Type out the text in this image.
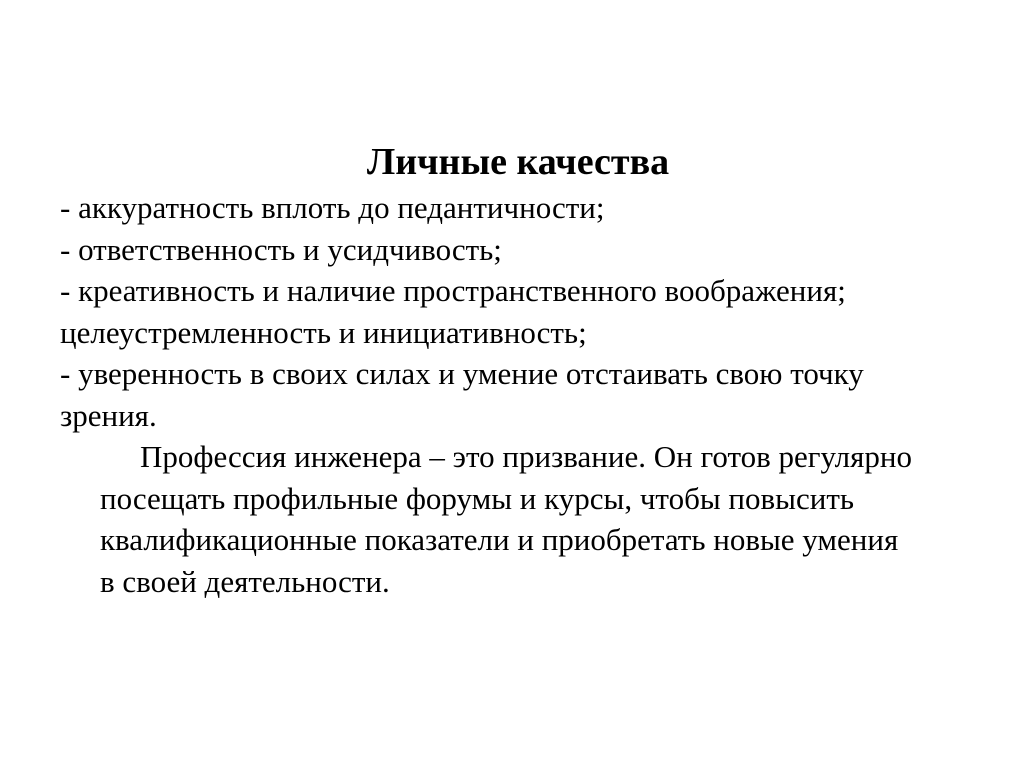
Личные качества
- аккуратность вплоть до педантичности;
- ответственность и усидчивость;
- креативность и наличие пространственного воображения;
целеустремленность и инициативность;
- уверенность в своих силах и умение отстаивать свою точку
зрения.
Профессия инженера – это призвание. Он готов регулярно
посещать профильные форумы и курсы, чтобы повысить
квалификационные показатели и приобретать новые умения
в своей деятельности.
